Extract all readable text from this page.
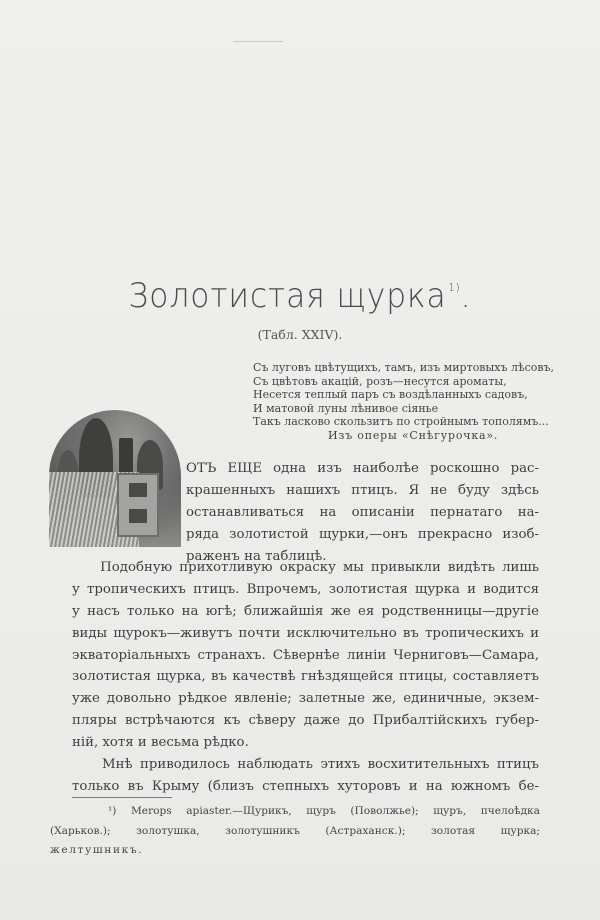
Золотистая щурка $^{1)}$.
(Табл. XXIV).
Съ луговъ цвѣтущихъ, тамъ, изъ миртовыхъ лѣсовъ,
Съ цвѣтовъ акацій, розъ—несутся ароматы,
Несется теплый паръ съ воздѣланныхъ садовъ,
И матовой луны лѣнивое сіянье
Такъ ласково скользитъ по стройнымъ тополямъ...
Изъ оперы «Снѣгурочка».
ОТЪ ЕЩЕ одна изъ наиболѣе роскошно рас-
крашенныхъ нашихъ птицъ. Я не буду здѣсь
останавливаться на описаніи пернатаго на-
ряда золотистой щурки,—онъ прекрасно изоб-
раженъ на таблицѣ.
Подобную прихотливую окраску мы привыкли видѣть лишь
у тропическихъ птицъ. Впрочемъ, золотистая щурка и водится
у насъ только на югѣ; ближайшія же ея родственницы—другіе
виды щурокъ—живутъ почти исключительно въ тропическихъ и
экваторіальныхъ странахъ. Сѣвернѣе линіи Черниговъ—Самара,
золотистая щурка, въ качествѣ гнѣздящейся птицы, составляетъ
уже довольно рѣдкое явленіе; залетные же, единичные, экзем-
пляры встрѣчаются къ сѣверу даже до Прибалтійскихъ губер-
ній, хотя и весьма рѣдко.
Мнѣ приводилось наблюдать этихъ восхитительныхъ птицъ
только въ Крыму (близъ степныхъ хуторовъ и на южномъ бе-
¹) Merops apiaster.—Щурикъ, щуръ (Поволжье); щуръ, пчелоѣдка
(Харьков.); золотушка, золотушникъ (Астраханск.); золотая щурка;
желтушникъ.
